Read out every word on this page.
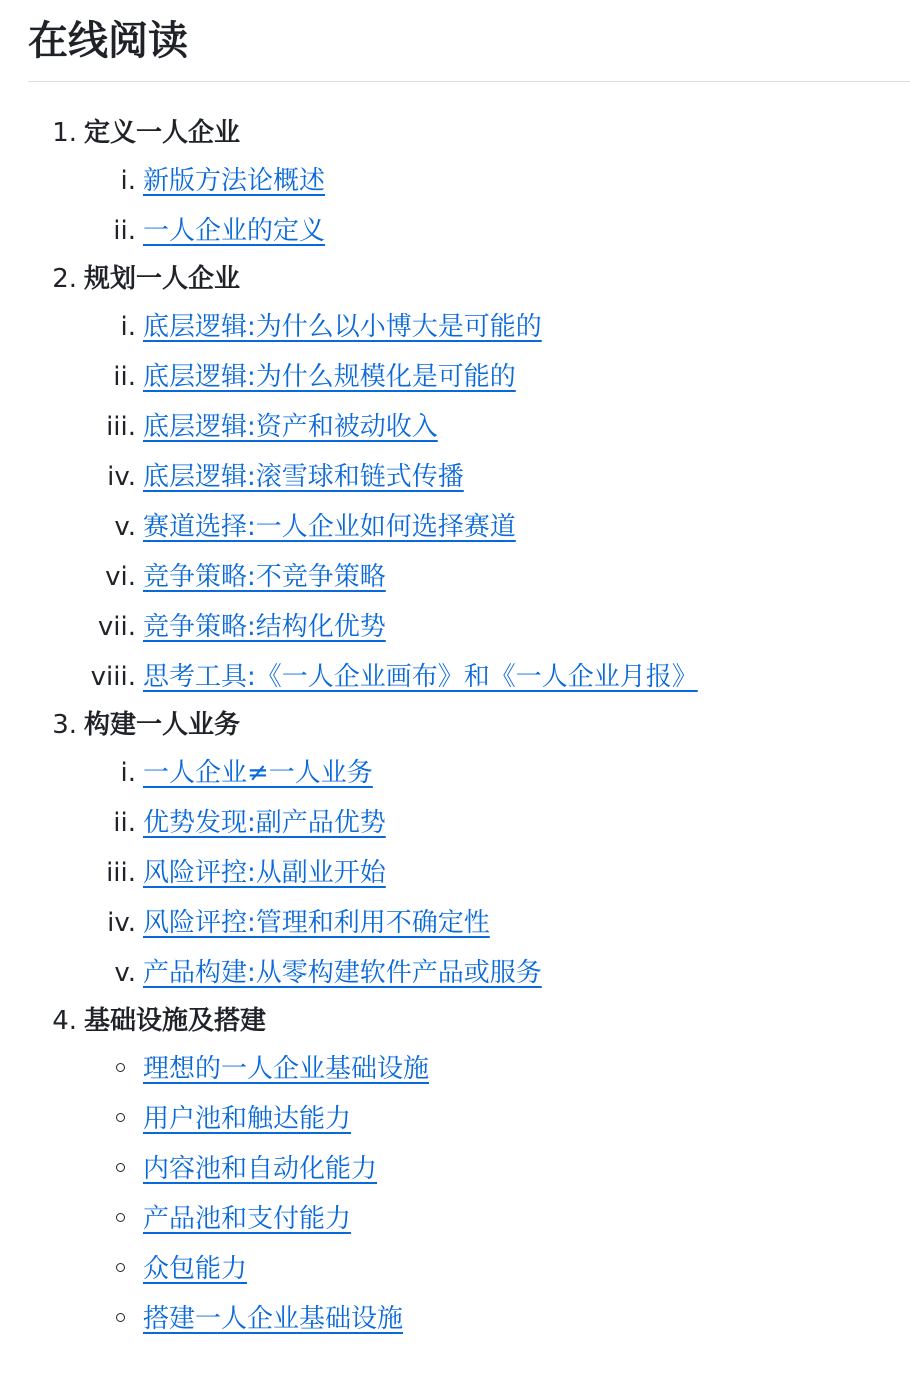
在线阅读
1. 定义一人企业
i. 新版方法论概述
ii. 一人企业的定义
2. 规划一人企业
i. 底层逻辑:为什么以小博大是可能的
ii. 底层逻辑:为什么规模化是可能的
iii. 底层逻辑:资产和被动收入
iv. 底层逻辑:滚雪球和链式传播
v. 赛道选择:一人企业如何选择赛道
vi. 竞争策略:不竞争策略
vii. 竞争策略:结构化优势
viii. 思考工具:《一人企业画布》和《一人企业月报》
3. 构建一人业务
i. 一人企业≠一人业务
ii. 优势发现:副产品优势
iii. 风险评控:从副业开始
iv. 风险评控:管理和利用不确定性
v. 产品构建:从零构建软件产品或服务
4. 基础设施及搭建
理想的一人企业基础设施
用户池和触达能力
内容池和自动化能力
产品池和支付能力
众包能力
搭建一人企业基础设施
